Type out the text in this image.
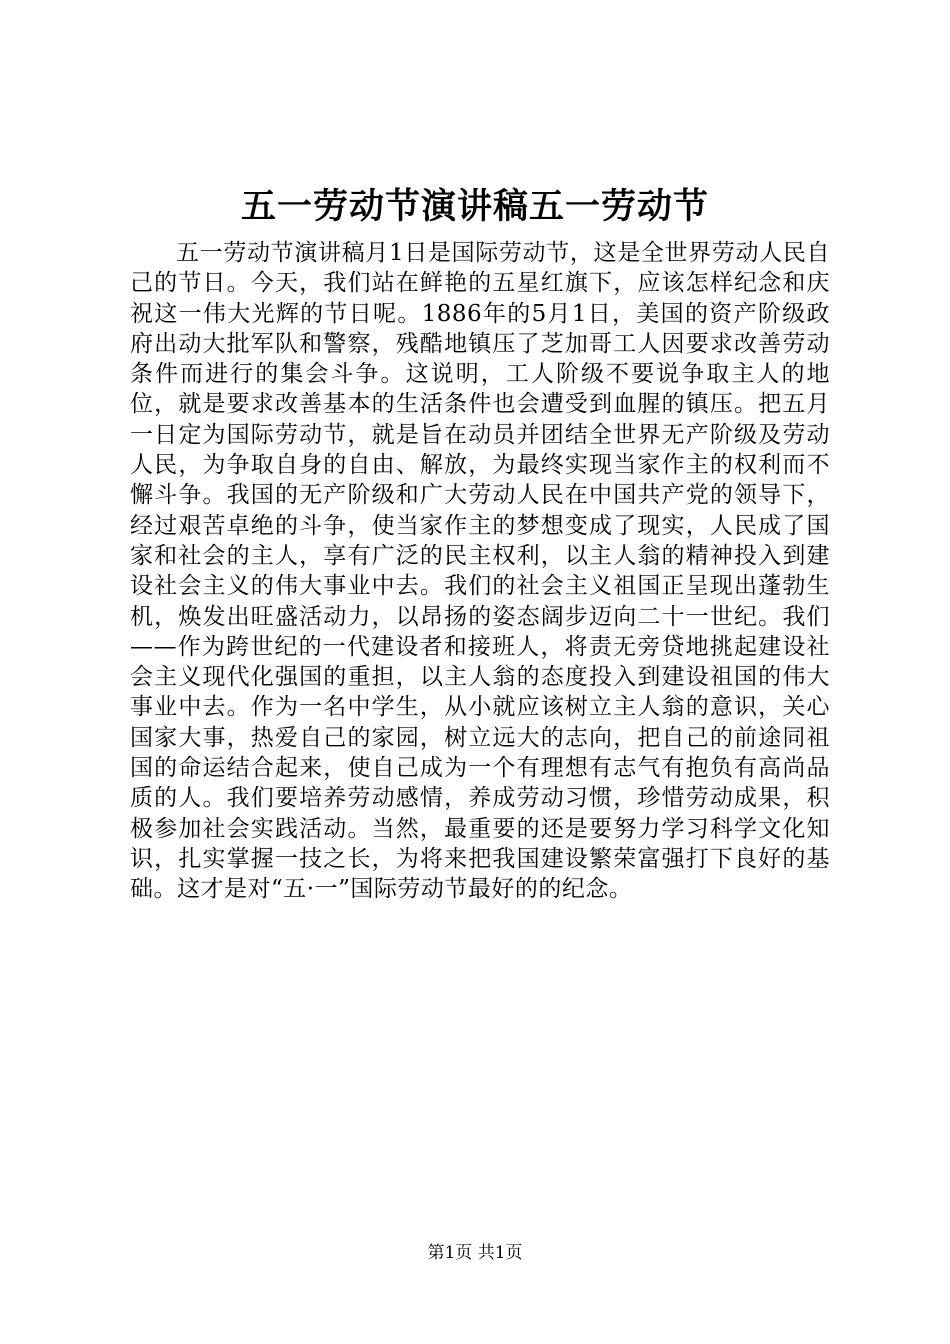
五一劳动节演讲稿五一劳动节

五一劳动节演讲稿月1日是国际劳动节，这是全世界劳动人民自己的节日。今天，我们站在鲜艳的五星红旗下，应该怎样纪念和庆祝这一伟大光辉的节日呢。1886年的5月1日，美国的资产阶级政府出动大批军队和警察，残酷地镇压了芝加哥工人因要求改善劳动条件而进行的集会斗争。这说明，工人阶级不要说争取主人的地位，就是要求改善基本的生活条件也会遭受到血腥的镇压。把五月一日定为国际劳动节，就是旨在动员并团结全世界无产阶级及劳动人民，为争取自身的自由、解放，为最终实现当家作主的权利而不懈斗争。我国的无产阶级和广大劳动人民在中国共产党的领导下，经过艰苦卓绝的斗争，使当家作主的梦想变成了现实，人民成了国家和社会的主人，享有广泛的民主权利，以主人翁的精神投入到建设社会主义的伟大事业中去。我们的社会主义祖国正呈现出蓬勃生机，焕发出旺盛活动力，以昂扬的姿态阔步迈向二十一世纪。我们——作为跨世纪的一代建设者和接班人，将责无旁贷地挑起建设社会主义现代化强国的重担，以主人翁的态度投入到建设祖国的伟大事业中去。作为一名中学生，从小就应该树立主人翁的意识，关心国家大事，热爱自己的家园，树立远大的志向，把自己的前途同祖国的命运结合起来，使自己成为一个有理想有志气有抱负有高尚品质的人。我们要培养劳动感情，养成劳动习惯，珍惜劳动成果，积极参加社会实践活动。当然，最重要的还是要努力学习科学文化知识，扎实掌握一技之长，为将来把我国建设繁荣富强打下良好的基础。这才是对“五·一”国际劳动节最好的的纪念。

第1页 共1页
